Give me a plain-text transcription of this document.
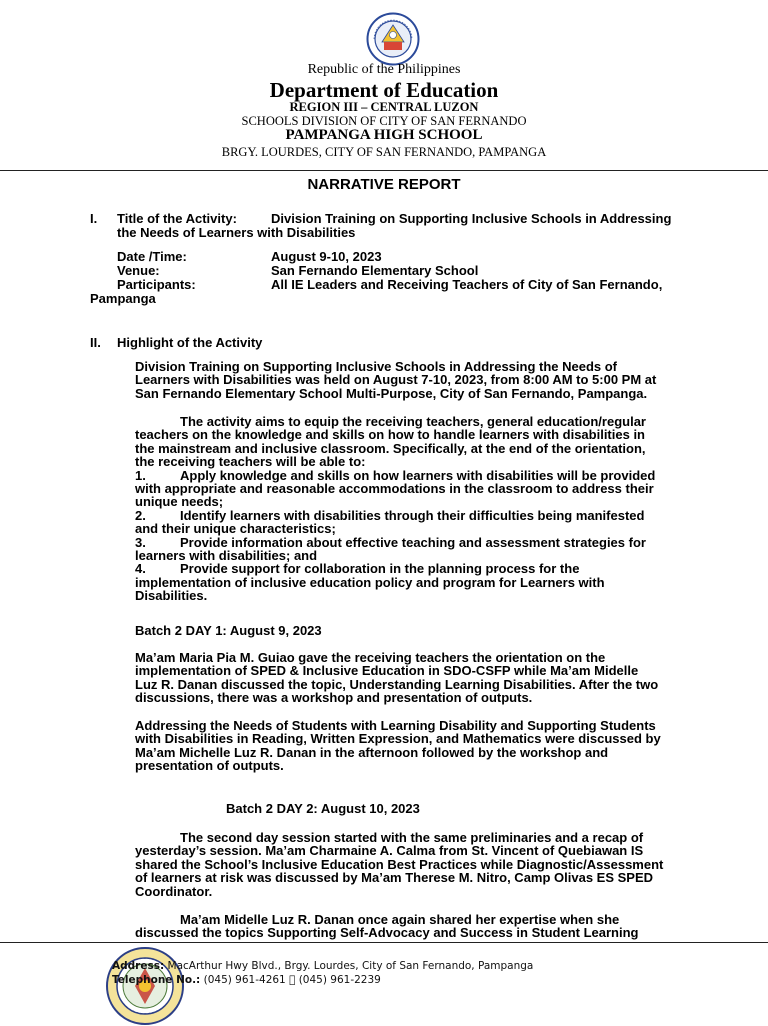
Republic of the Philippines
Department of Education
REGION III – CENTRAL LUZON
SCHOOLS DIVISION OF CITY OF SAN FERNANDO
PAMPANGA HIGH SCHOOL
BRGY. LOURDES, CITY OF SAN FERNANDO, PAMPANGA
NARRATIVE REPORT
I. Title of the Activity:	Division Training on Supporting Inclusive Schools in Addressing
the Needs of Learners with Disabilities
Date /Time:	August 9-10, 2023
Venue:	San Fernando Elementary School
Participants:	All IE Leaders and Receiving Teachers of City of San Fernando,
Pampanga
II. Highlight of the Activity
Division Training on Supporting Inclusive Schools in Addressing the Needs of
Learners with Disabilities was held on August 7-10, 2023, from 8:00 AM to 5:00 PM at
San Fernando Elementary School Multi-Purpose, City of San Fernando, Pampanga.
The activity aims to equip the receiving teachers, general education/regular
teachers on the knowledge and skills on how to handle learners with disabilities in
the mainstream and inclusive classroom. Specifically, at the end of the orientation,
the receiving teachers will be able to:
1.	Apply knowledge and skills on how learners with disabilities will be provided
with appropriate and reasonable accommodations in the classroom to address their
unique needs;
2.	Identify learners with disabilities through their difficulties being manifested
and their unique characteristics;
3.	Provide information about effective teaching and assessment strategies for
learners with disabilities; and
4.	Provide support for collaboration in the planning process for the
implementation of inclusive education policy and program for Learners with
Disabilities.
Batch 2 DAY 1: August 9, 2023
Ma’am Maria Pia M. Guiao gave the receiving teachers the orientation on the
implementation of SPED & Inclusive Education in SDO-CSFP while Ma’am Midelle
Luz R. Danan discussed the topic, Understanding Learning Disabilities. After the two
discussions, there was a workshop and presentation of outputs.
Addressing the Needs of Students with Learning Disability and Supporting Students
with Disabilities in Reading, Written Expression, and Mathematics were discussed by
Ma’am Michelle Luz R. Danan in the afternoon followed by the workshop and
presentation of outputs.
Batch 2 DAY 2: August 10, 2023
The second day session started with the same preliminaries and a recap of
yesterday’s session. Ma’am Charmaine A. Calma from St. Vincent of Quebiawan IS
shared the School’s Inclusive Education Best Practices while Diagnostic/Assessment
of learners at risk was discussed by Ma’am Therese M. Nitro, Camp Olivas ES SPED
Coordinator.
Ma’am Midelle Luz R. Danan once again shared her expertise when she
discussed the topics Supporting Self-Advocacy and Success in Student Learning
Address: MacArthur Hwy Blvd., Brgy. Lourdes, City of San Fernando, Pampanga
Telephone No.: (045) 961-4261   (045) 961-2239
